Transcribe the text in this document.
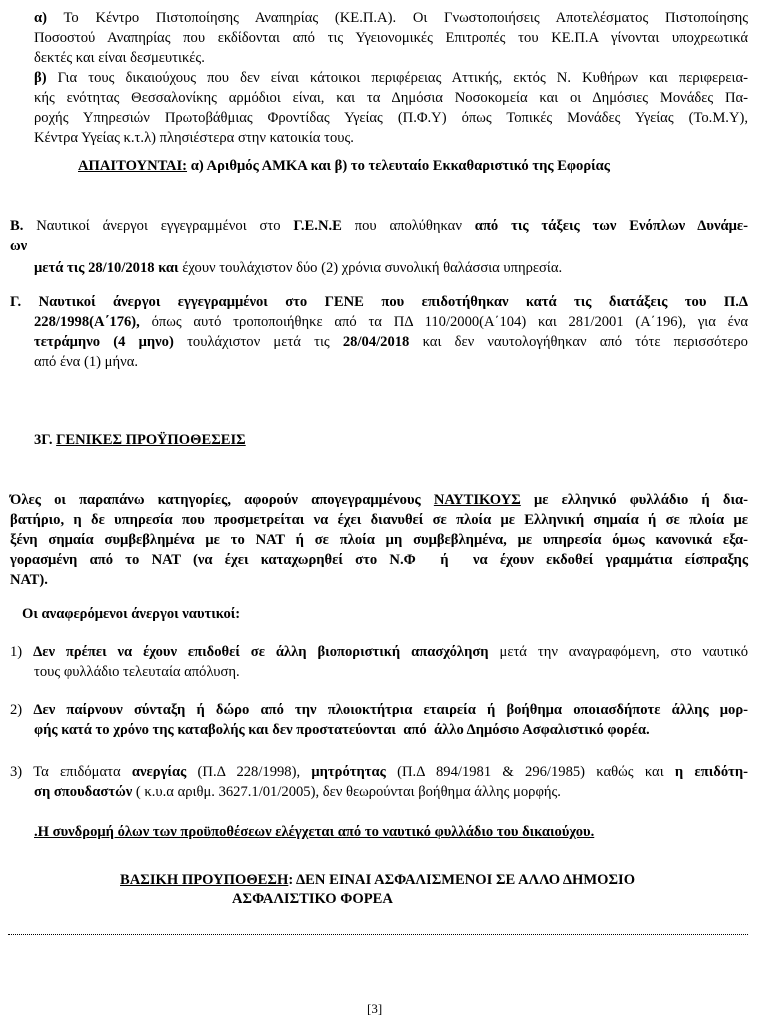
α) Το Κέντρο Πιστοποίησης Αναπηρίας (ΚΕ.Π.Α). Οι Γνωστοποιήσεις Αποτελέσματος Πιστοποίησης
Ποσοστού Αναπηρίας που εκδίδονται από τις Υγειονομικές Επιτροπές του ΚΕ.Π.Α γίνονται υποχρεωτικά
δεκτές και είναι δεσμευτικές.
β) Για τους δικαιούχους που δεν είναι κάτοικοι περιφέρειας Αττικής, εκτός Ν. Κυθήρων και περιφερεια-
κής ενότητας Θεσσαλονίκης αρμόδιοι είναι, και τα Δημόσια Νοσοκομεία και οι Δημόσιες Μονάδες Πα-
ροχής Υπηρεσιών Πρωτοβάθμιας Φροντίδας Υγείας (Π.Φ.Υ) όπως Τοπικές Μονάδες Υγείας (Το.Μ.Υ),
Κέντρα Υγείας κ.τ.λ) πλησιέστερα στην κατοικία τους.
ΑΠΑΙΤΟΥΝΤΑΙ: α) Αριθμός ΑΜΚΑ και β) το τελευταίο Εκκαθαριστικό της Εφορίας
Β. Ναυτικοί άνεργοι εγγεγραμμένοι στο Γ.Ε.Ν.Ε που απολύθηκαν από τις τάξεις των Ενόπλων Δυνάμε-
ων
μετά τις 28/10/2018 και έχουν τουλάχιστον δύο (2) χρόνια συνολική θαλάσσια υπηρεσία.
Γ. Ναυτικοί άνεργοι εγγεγραμμένοι στο ΓΕΝΕ που επιδοτήθηκαν κατά τις διατάξεις του Π.Δ
228/1998(Α΄176), όπως αυτό τροποποιήθηκε από τα ΠΔ 110/2000(Α΄104) και 281/2001 (Α΄196), για ένα
τετράμηνο (4 μηνο) τουλάχιστον μετά τις 28/04/2018 και δεν ναυτολογήθηκαν από τότε περισσότερο
από ένα (1) μήνα.
3Γ. ΓΕΝΙΚΕΣ ΠΡΟΫΠΟΘΕΣΕΙΣ
Όλες οι παραπάνω κατηγορίες, αφορούν απογεγραμμένους ΝΑΥΤΙΚΟΥΣ με ελληνικό φυλλάδιο ή δια-
βατήριο, η δε υπηρεσία που προσμετρείται να έχει διανυθεί σε πλοία με Ελληνική σημαία ή σε πλοία με
ξένη σημαία συμβεβλημένα με το ΝΑΤ ή σε πλοία μη συμβεβλημένα, με υπηρεσία όμως κανονικά εξα-
γορασμένη από το ΝΑΤ (να έχει καταχωρηθεί στο Ν.Φ  ή  να έχουν εκδοθεί γραμμάτια είσπραξης
ΝΑΤ).
Οι αναφερόμενοι άνεργοι ναυτικοί:
1) Δεν πρέπει να έχουν επιδοθεί σε άλλη βιοποριστική απασχόληση μετά την αναγραφόμενη, στο ναυτικό
τους φυλλάδιο τελευταία απόλυση.
2) Δεν παίρνουν σύνταξη ή δώρο από την πλοιοκτήτρια εταιρεία ή βοήθημα οποιασδήποτε άλλης μορ-
φής κατά το χρόνο της καταβολής και δεν προστατεύονται  από  άλλο Δημόσιο Ασφαλιστικό φορέα.
3) Τα επιδόματα ανεργίας (Π.Δ 228/1998), μητρότητας (Π.Δ 894/1981 & 296/1985) καθώς και η επιδότη-
ση σπουδαστών ( κ.υ.α αριθμ. 3627.1/01/2005), δεν θεωρούνται βοήθημα άλλης μορφής.
.Η συνδρομή όλων των προϋποθέσεων ελέγχεται από το ναυτικό φυλλάδιο του δικαιούχου.
ΒΑΣΙΚΗ ΠΡΟΥΠΟΘΕΣΗ: ΔΕΝ ΕΙΝΑΙ ΑΣΦΑΛΙΣΜΕΝΟΙ ΣΕ ΑΛΛΟ ΔΗΜΟΣΙΟ
ΑΣΦΑΛΙΣΤΙΚΟ ΦΟΡΕΑ
[3]
